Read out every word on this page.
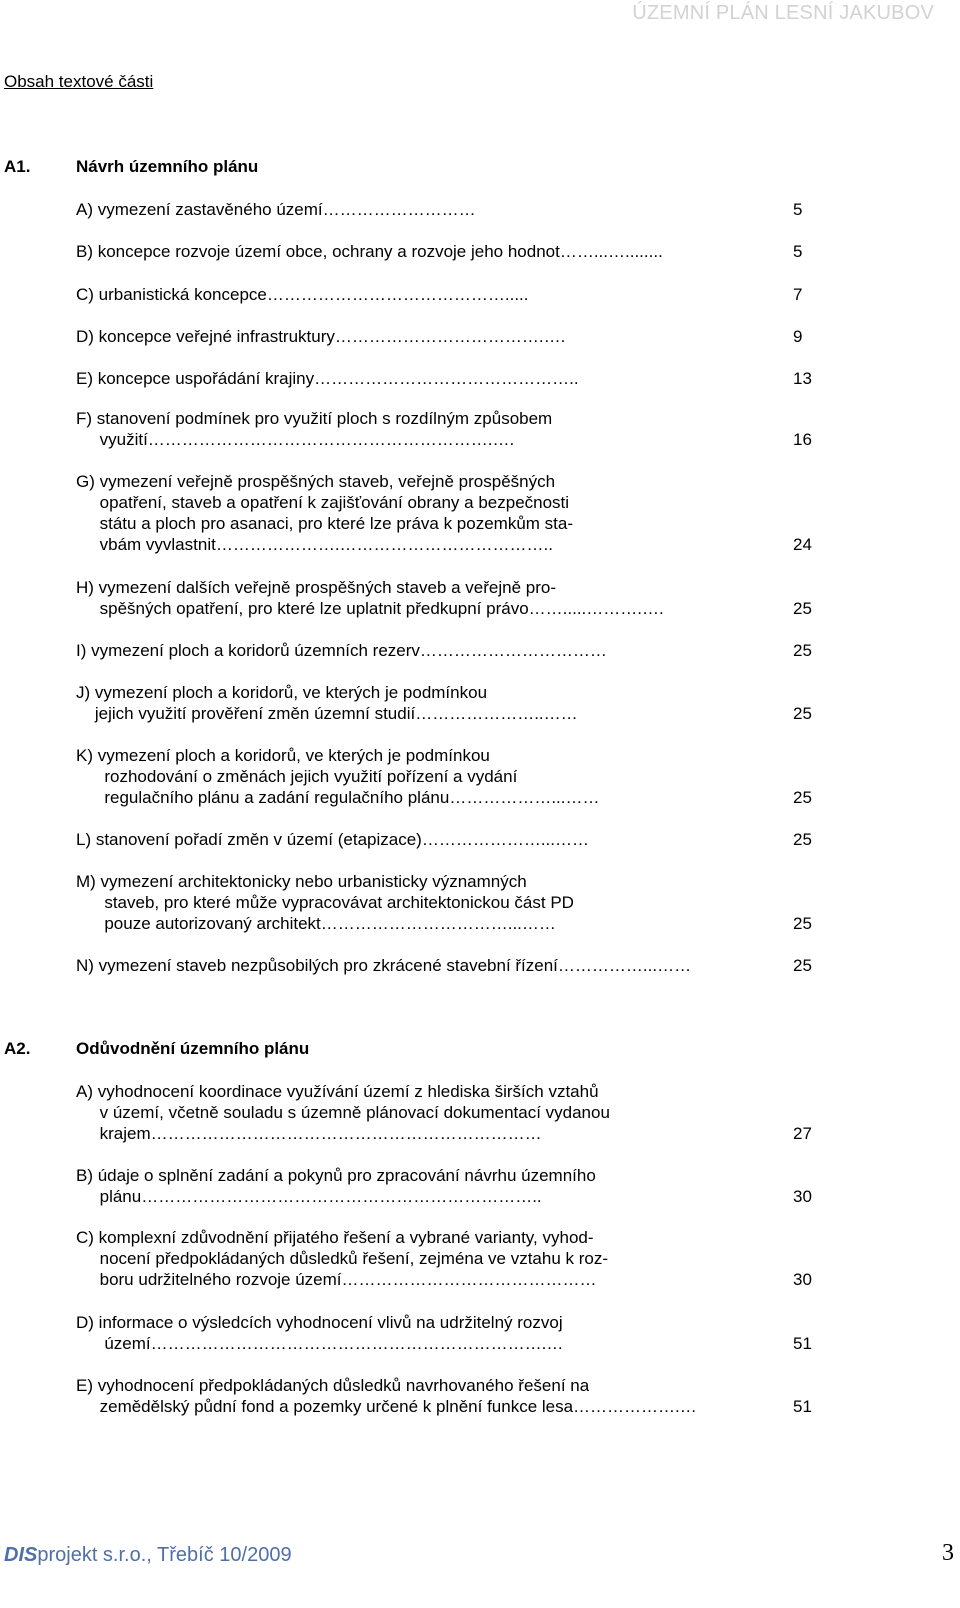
ÚZEMNÍ PLÁN LESNÍ JAKUBOV
Obsah textové části
A1.	Návrh územního plánu
A) vymezení zastavěného území………………………	5
B) koncepce rozvoje území obce, ochrany a rozvoje jeho hodnot……...…........	5
C) urbanistická koncepce…………………………………….....	7
D) koncepce veřejné infrastruktury……………………………….….	9
E) koncepce uspořádání krajiny………………………………………..	13
F) stanovení podmínek pro využití ploch s rozdílným způsobem
využití…………………………………………………….….	16
G) vymezení veřejně prospěšných staveb, veřejně prospěšných
opatření, staveb a opatření k zajišťování obrany a bezpečnosti
státu a ploch pro asanaci, pro které lze práva k pozemkům sta-
vbám vyvlastnit………………….………………………………..	24
H) vymezení dalších veřejně prospěšných staveb a veřejně pro-
spěšných opatření, pro které lze uplatnit předkupní právo…….....……….….	25
I) vymezení ploch a koridorů územních rezerv……………………………	25
J) vymezení ploch a koridorů, ve kterých je podmínkou
jejich využití prověření změn územní studií…………………..……	25
K) vymezení ploch a koridorů, ve kterých je podmínkou
rozhodování o změnách jejich využití pořízení a vydání
regulačního plánu a zadání regulačního plánu………………...……	25
L) stanovení pořadí změn v území (etapizace)…………………...……	25
M) vymezení architektonicky nebo urbanisticky významných
staveb, pro které může vypracovávat architektonickou část PD
pouze autorizovaný architekt……………………………...……	25
N) vymezení staveb nezpůsobilých pro zkrácené stavební řízení……………...……	25
A2.	Odůvodnění územního plánu
A) vyhodnocení koordinace využívání území z hlediska širších vztahů
v území, včetně souladu s územně plánovací dokumentací vydanou
krajem……………………………………………………………	27
B) údaje o splnění zadání a pokynů pro zpracování návrhu územního
plánu……………………………………………………………..	30
C) komplexní zdůvodnění přijatého řešení a vybrané varianty, vyhod-
nocení předpokládaných důsledků řešení, zejména ve vztahu k roz-
boru udržitelného rozvoje území………………………………………	30
D) informace o výsledcích vyhodnocení vlivů na udržitelný rozvoj
území…………………………………………………………….…	51
E) vyhodnocení předpokládaných důsledků navrhovaného řešení na
zemědělský půdní fond a pozemky určené k plnění funkce lesa……………….…	51
DISprojekt s.r.o., Třebíč 10/2009	3
